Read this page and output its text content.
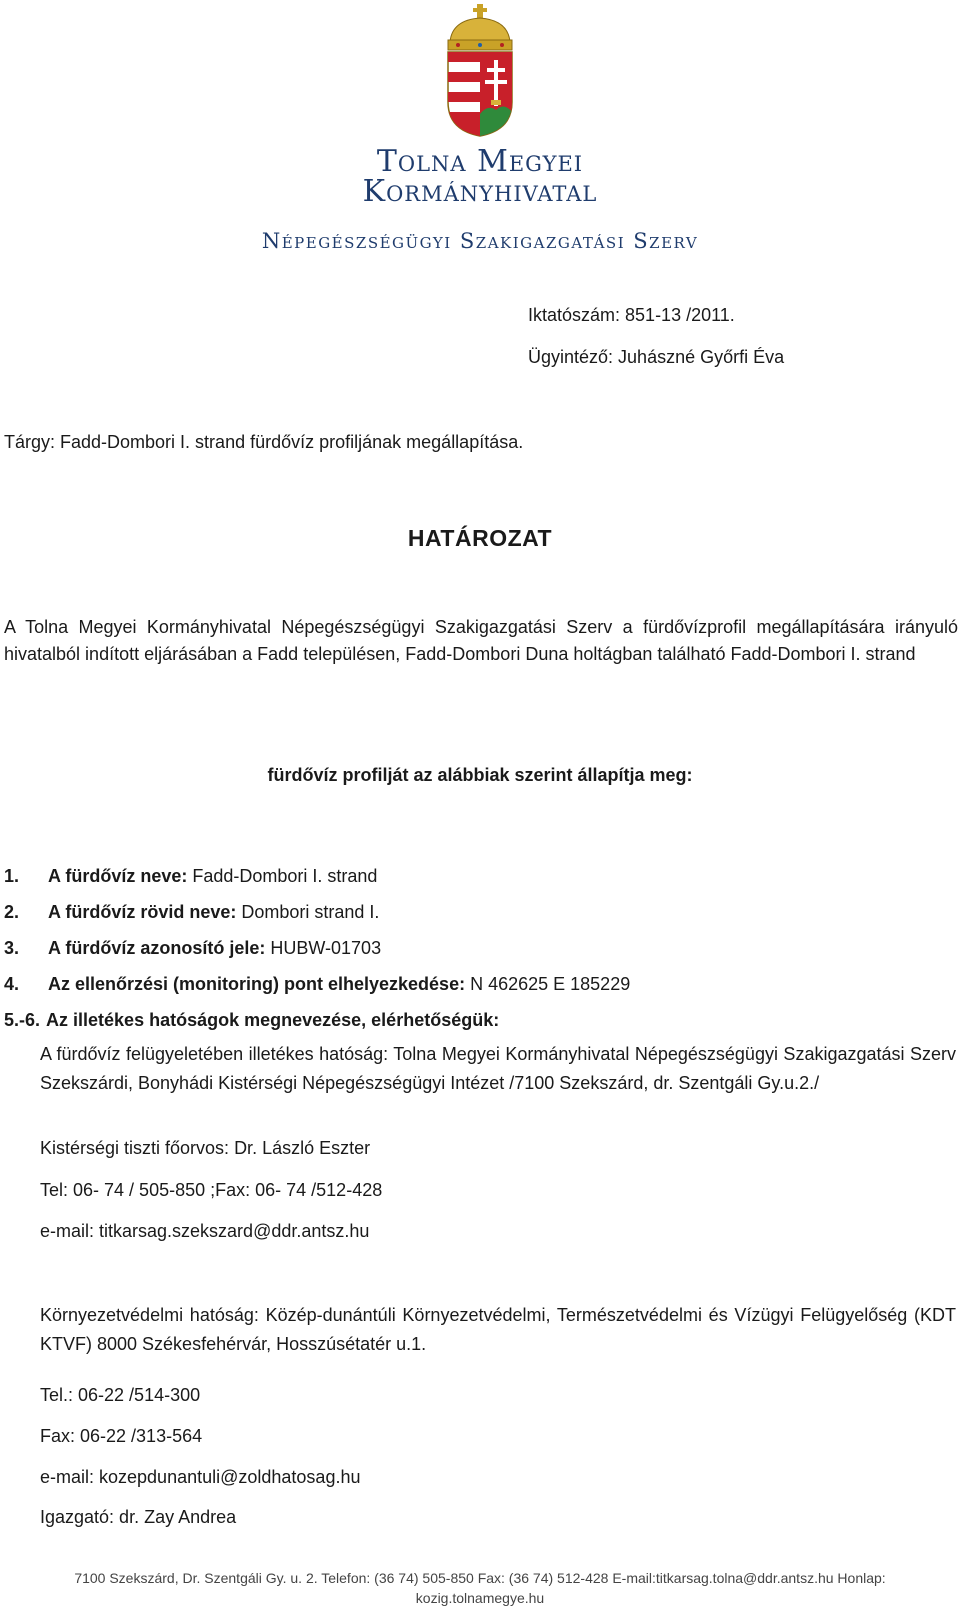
Tolna Megyei
Kormányhivatal
Népegészségügyi Szakigazgatási Szerv
Iktatószám: 851-13 /2011.
Ügyintéző: Juhászné Győrfi Éva
Tárgy: Fadd-Dombori I. strand fürdővíz profiljának megállapítása.
HATÁROZAT
A Tolna Megyei Kormányhivatal Népegészségügyi Szakigazgatási Szerv a fürdővízprofil megállapítására irányuló hivatalból indított eljárásában a Fadd településen, Fadd-Dombori Duna holtágban található Fadd-Dombori I. strand
fürdővíz profilját az alábbiak szerint állapítja meg:
1. A fürdővíz neve: Fadd-Dombori I. strand
2. A fürdővíz rövid neve: Dombori strand I.
3. A fürdővíz azonosító jele: HUBW-01703
4. Az ellenőrzési (monitoring) pont elhelyezkedése: N 462625 E 185229
5.-6. Az illetékes hatóságok megnevezése, elérhetőségük:
A fürdővíz felügyeletében illetékes hatóság: Tolna Megyei Kormányhivatal Népegészségügyi Szakigazgatási Szerv Szekszárdi, Bonyhádi Kistérségi Népegészségügyi Intézet /7100 Szekszárd, dr. Szentgáli Gy.u.2./
Kistérségi tiszti főorvos: Dr. László Eszter
Tel: 06- 74 / 505-850 ;Fax: 06- 74 /512-428
e-mail: titkarsag.szekszard@ddr.antsz.hu
Környezetvédelmi hatóság: Közép-dunántúli Környezetvédelmi, Természetvédelmi és Vízügyi Felügyelőség (KDT KTVF) 8000 Székesfehérvár, Hosszúsétatér u.1.
Tel.: 06-22 /514-300
Fax: 06-22 /313-564
e-mail: kozepdunantuli@zoldhatosag.hu
Igazgató: dr. Zay Andrea
7100 Szekszárd, Dr. Szentgáli Gy. u. 2. Telefon: (36 74) 505-850 Fax: (36 74) 512-428 E-mail:titkarsag.tolna@ddr.antsz.hu Honlap:
kozig.tolnamegye.hu
